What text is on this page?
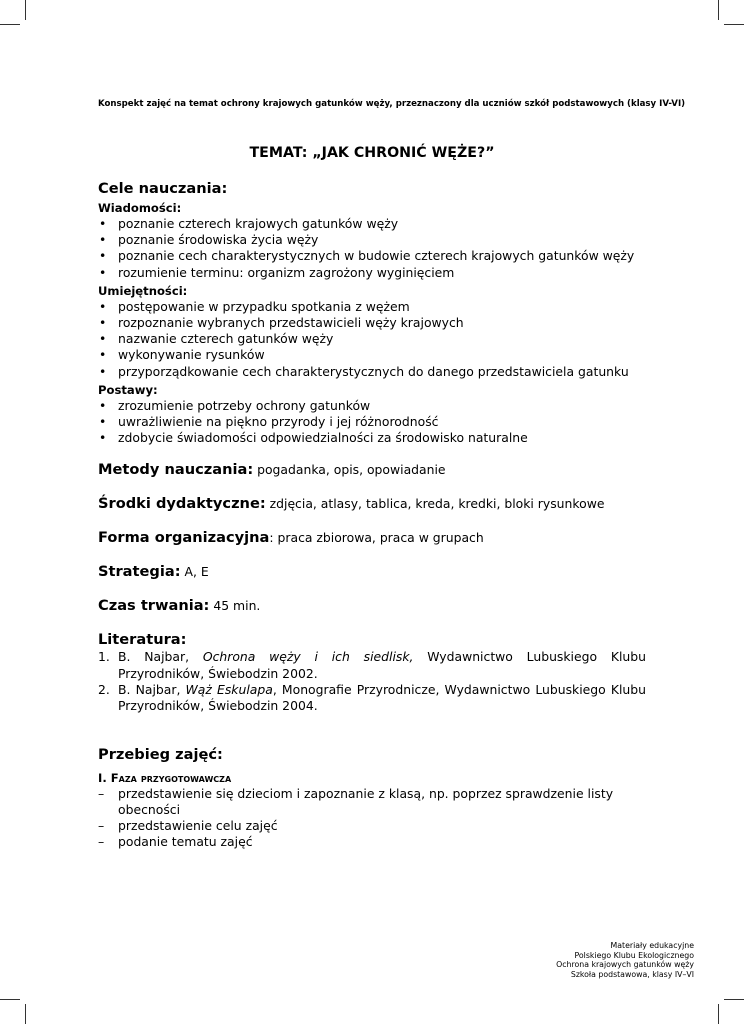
Konspekt zajęć na temat ochrony krajowych gatunków węży, przeznaczony dla uczniów szkół podstawowych (klasy IV-VI)
TEMAT: „JAK CHRONIĆ WĘŻE?”
Cele nauczania:
Wiadomości:
• poznanie czterech krajowych gatunków węży
• poznanie środowiska życia węży
• poznanie cech charakterystycznych w budowie czterech krajowych gatunków węży
• rozumienie terminu: organizm zagrożony wyginięciem
Umiejętności:
• postępowanie w przypadku spotkania z wężem
• rozpoznanie wybranych przedstawicieli węży krajowych
• nazwanie czterech gatunków węży
• wykonywanie rysunków
• przyporządkowanie cech charakterystycznych do danego przedstawiciela gatunku
Postawy:
• zrozumienie potrzeby ochrony gatunków
• uwrażliwienie na piękno przyrody i jej różnorodność
• zdobycie świadomości odpowiedzialności za środowisko naturalne
Metody nauczania: pogadanka, opis, opowiadanie
Środki dydaktyczne: zdjęcia, atlasy, tablica, kreda, kredki, bloki rysunkowe
Forma organizacyjna: praca zbiorowa, praca w grupach
Strategia: A, E
Czas trwania: 45 min.
Literatura:
1. B. Najbar, Ochrona węży i ich siedlisk, Wydawnictwo Lubuskiego Klubu Przyrodników, Świebodzin 2002.
2. B. Najbar, Wąż Eskulapa, Monografie Przyrodnicze, Wydawnictwo Lubuskiego Klubu Przyrodników, Świebodzin 2004.
Przebieg zajęć:
I. Faza przygotowawcza
– przedstawienie się dzieciom i zapoznanie z klasą, np. poprzez sprawdzenie listy obecności
– przedstawienie celu zajęć
– podanie tematu zajęć
Materiały edukacyjne
Polskiego Klubu Ekologicznego
Ochrona krajowych gatunków węży
Szkoła podstawowa, klasy IV–VI
